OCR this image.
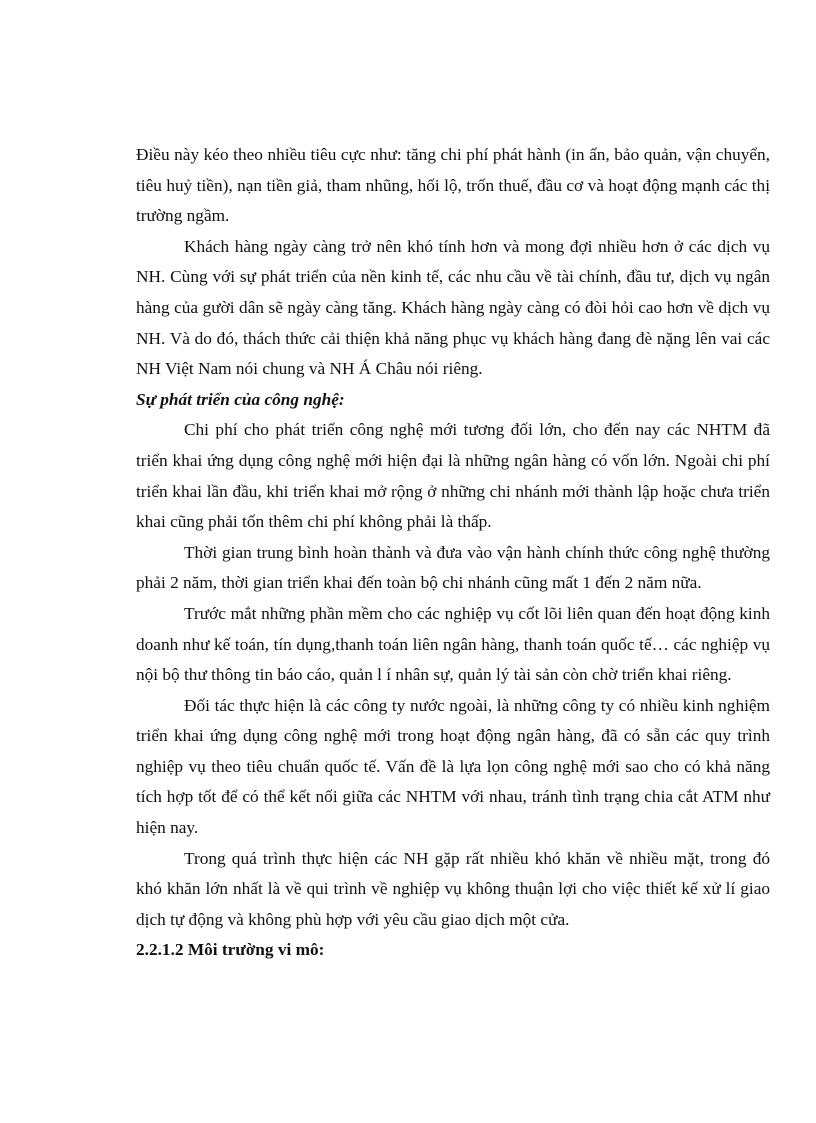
Điều này kéo theo nhiều tiêu cực như: tăng chi phí phát hành (in ấn, bảo quản, vận chuyển, tiêu huỷ tiền), nạn tiền giả, tham nhũng, hối lộ, trốn thuế, đầu cơ và hoạt động mạnh các thị trường ngầm.

Khách hàng ngày càng trở nên khó tính hơn và mong đợi nhiều hơn ở các dịch vụ NH. Cùng với sự phát triển của nền kinh tế, các nhu cầu về tài chính, đầu tư, dịch vụ ngân hàng của gười dân sẽ ngày càng tăng. Khách hàng ngày càng có đòi hỏi cao hơn về dịch vụ NH. Và do đó, thách thức cải thiện khả năng phục vụ khách hàng đang đè nặng lên vai các NH Việt Nam nói chung và NH Á Châu nói riêng.

Sự phát triển của công nghệ:

Chi phí cho phát triển công nghệ mới tương đối lớn, cho đến nay các NHTM đã triển khai ứng dụng công nghệ mới hiện đại là những ngân hàng có vốn lớn. Ngoài chi phí triển khai lần đầu, khi triển khai mở rộng ở những chi nhánh mới thành lập hoặc chưa triển khai cũng phải tốn thêm chi phí không phải là thấp.

Thời gian trung bình hoàn thành và đưa vào vận hành chính thức công nghệ thường phải 2 năm, thời gian triển khai đến toàn bộ chi nhánh cũng mất 1 đến 2 năm nữa.

Trước mắt những phần mềm cho các nghiệp vụ cốt lõi liên quan đến hoạt động kinh doanh như kế toán, tín dụng,thanh toán liên ngân hàng, thanh toán quốc tế… các nghiệp vụ nội bộ thư thông tin báo cáo, quản l í nhân sự, quản lý tài sản còn chờ triển khai riêng.

Đối tác thực hiện là các công ty nước ngoài, là những công ty có nhiều kinh nghiệm triển khai ứng dụng công nghệ mới trong hoạt động ngân hàng, đã có sẵn các quy trình nghiệp vụ theo tiêu chuẩn quốc tế. Vấn đề là lựa lọn công nghệ mới sao cho có khả năng tích hợp tốt để có thể kết nối giữa các NHTM với nhau, tránh tình trạng chia cắt ATM như hiện nay.

Trong quá trình thực hiện các NH gặp rất nhiều khó khăn về nhiều mặt, trong đó khó khăn lớn nhất là về qui trình về nghiệp vụ không thuận lợi cho việc thiết kế xử lí giao dịch tự động và không phù hợp với yêu cầu giao dịch một cửa.

2.2.1.2 Môi trường vi mô:
